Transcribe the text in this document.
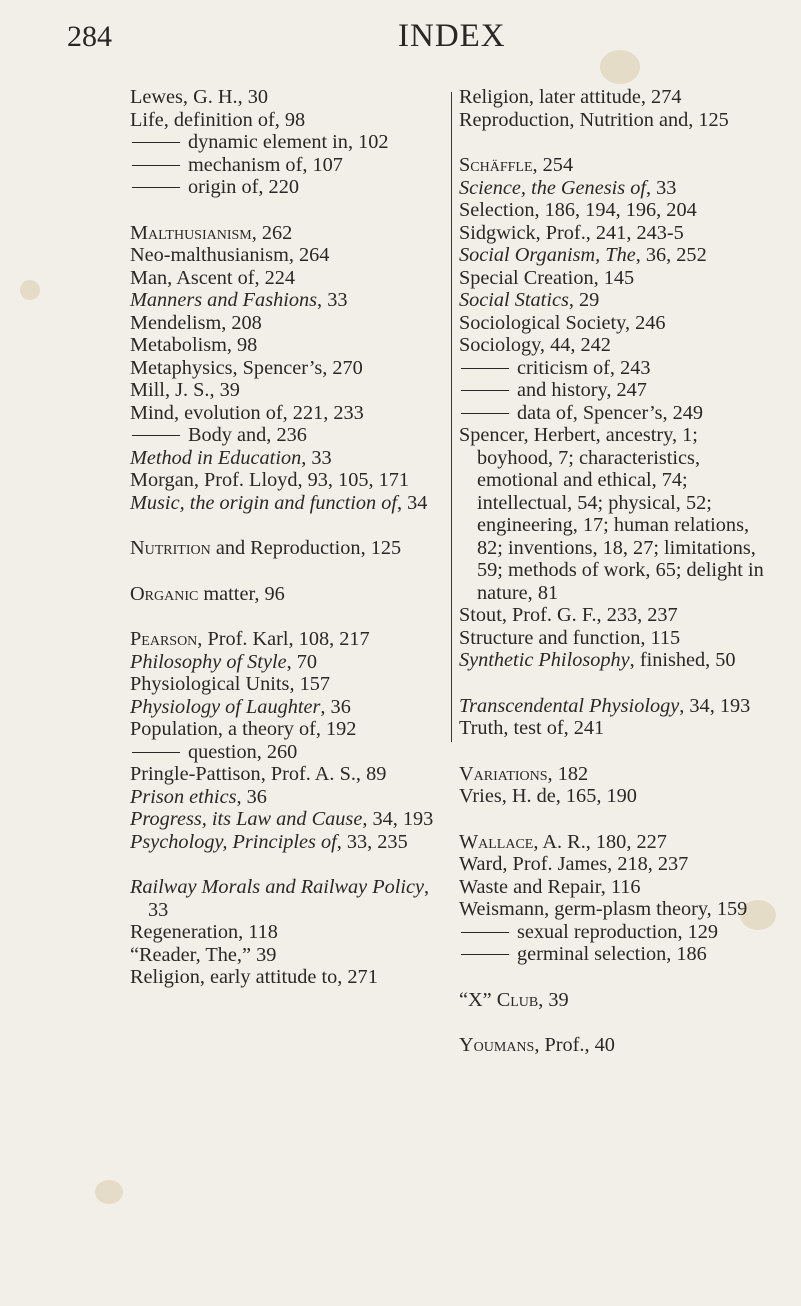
284	INDEX
Lewes, G. H., 30
Life, definition of, 98
dynamic element in, 102
mechanism of, 107
origin of, 220
Malthusianism, 262
Neo-malthusianism, 264
Man, Ascent of, 224
Manners and Fashions, 33
Mendelism, 208
Metabolism, 98
Metaphysics, Spencer’s, 270
Mill, J. S., 39
Mind, evolution of, 221, 233
Body and, 236
Method in Education, 33
Morgan, Prof. Lloyd, 93, 105, 171
Music, the origin and function of, 34
Nutrition and Reproduction, 125
Organic matter, 96
Pearson, Prof. Karl, 108, 217
Philosophy of Style, 70
Physiological Units, 157
Physiology of Laughter, 36
Population, a theory of, 192
question, 260
Pringle-Pattison, Prof. A. S., 89
Prison ethics, 36
Progress, its Law and Cause, 34, 193
Psychology, Principles of, 33, 235
Railway Morals and Railway Policy, 33
Regeneration, 118
“Reader, The,” 39
Religion, early attitude to, 271
Religion, later attitude, 274
Reproduction, Nutrition and, 125
Schäffle, 254
Science, the Genesis of, 33
Selection, 186, 194, 196, 204
Sidgwick, Prof., 241, 243-5
Social Organism, The, 36, 252
Special Creation, 145
Social Statics, 29
Sociological Society, 246
Sociology, 44, 242
criticism of, 243
and history, 247
data of, Spencer’s, 249
Spencer, Herbert, ancestry, 1; boyhood, 7; characteristics, emotional and ethical, 74; intellectual, 54; physical, 52; engineering, 17; human relations, 82; inventions, 18, 27; limitations, 59; methods of work, 65; delight in nature, 81
Stout, Prof. G. F., 233, 237
Structure and function, 115
Synthetic Philosophy, finished, 50
Transcendental Physiology, 34, 193
Truth, test of, 241
Variations, 182
Vries, H. de, 165, 190
Wallace, A. R., 180, 227
Ward, Prof. James, 218, 237
Waste and Repair, 116
Weismann, germ-plasm theory, 159
sexual reproduction, 129
germinal selection, 186
“X” Club, 39
Youmans, Prof., 40
